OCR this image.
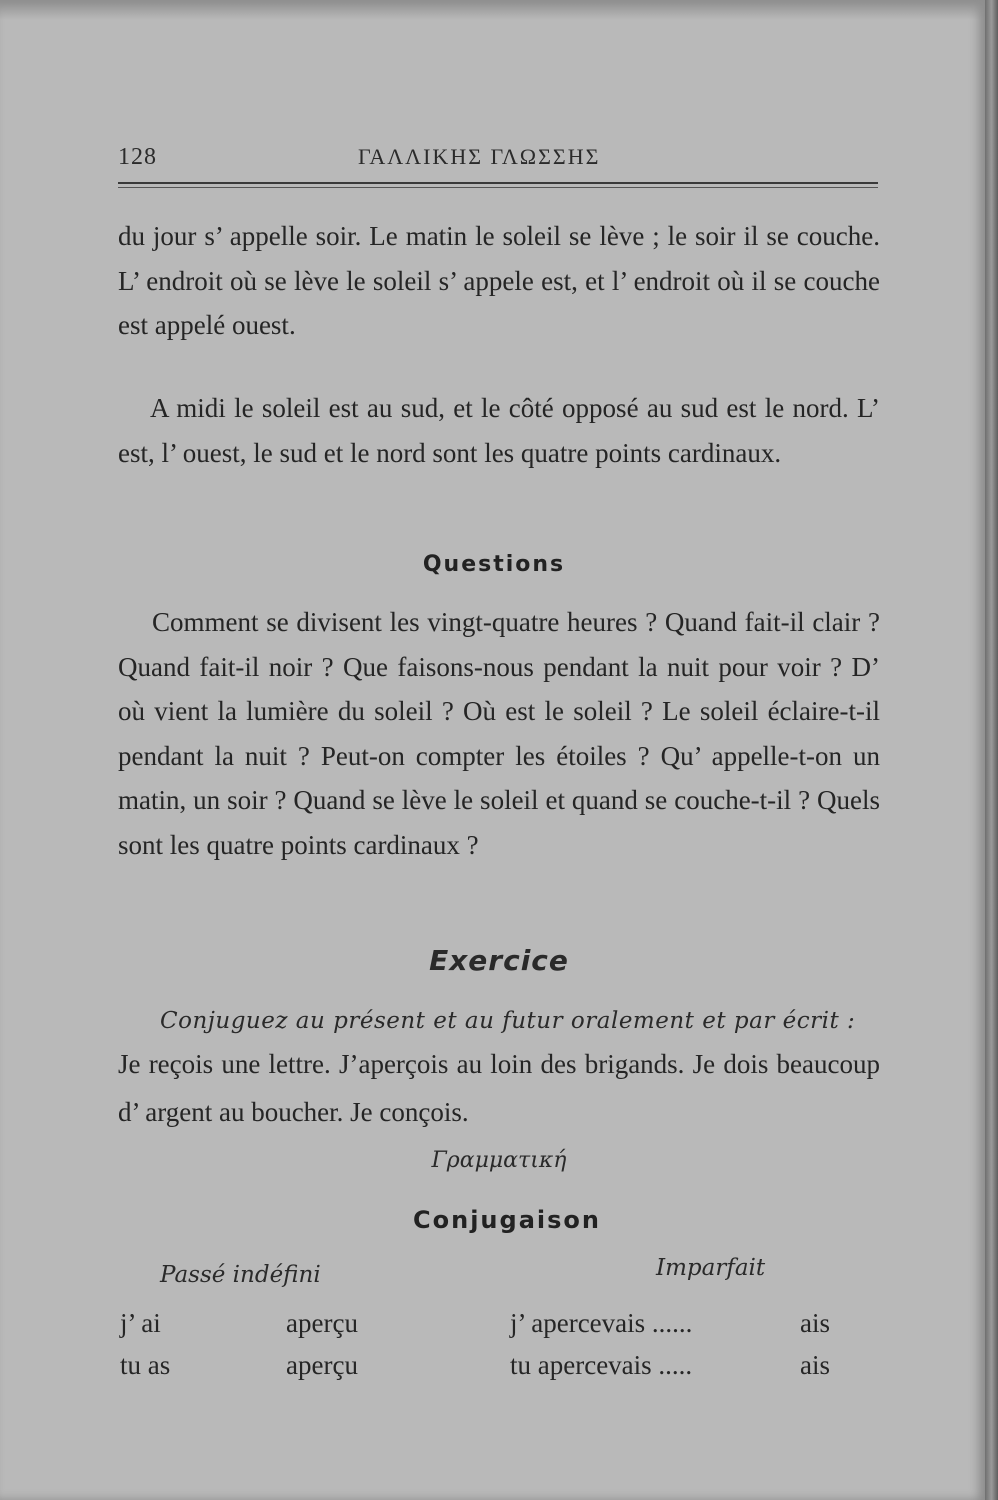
128	ΓΑΛΛΙΚΗΣ ΓΛΩΣΣΗΣ

du jour s’ appelle soir. Le matin le soleil se lève ; le soir il se couche. L’ endroit où se lève le soleil s’ appele est, et l’ endroit où il se couche est appelé ouest.

A midi le soleil est au sud, et le côté opposé au sud est le nord. L’ est, l’ ouest, le sud et le nord sont les quatre points cardinaux.

Questions

Comment se divisent les vingt-quatre heures ? Quand fait-il clair ? Quand fait-il noir ? Que faisons-nous pendant la nuit pour voir ? D’ où vient la lumière du soleil ? Où est le soleil ? Le soleil éclaire-t-il pendant la nuit ? Peut-on compter les étoiles ? Qu’ appelle-t-on un matin, un soir ? Quand se lève le soleil et quand se couche-t-il ? Quels sont les quatre points cardinaux ?

Exercice
Conjuguez au présent et au futur oralement et par écrit :

Je reçois une lettre. J’aperçois au loin des brigands. Je dois beaucoup d’ argent au boucher. Je conçois.

Γραμματική
Conjugaison
Passé indéfini	Imparfait
j’ ai	aperçu	j’ apercevais ......	ais
tu as	aperçu	tu apercevais .....	ais
